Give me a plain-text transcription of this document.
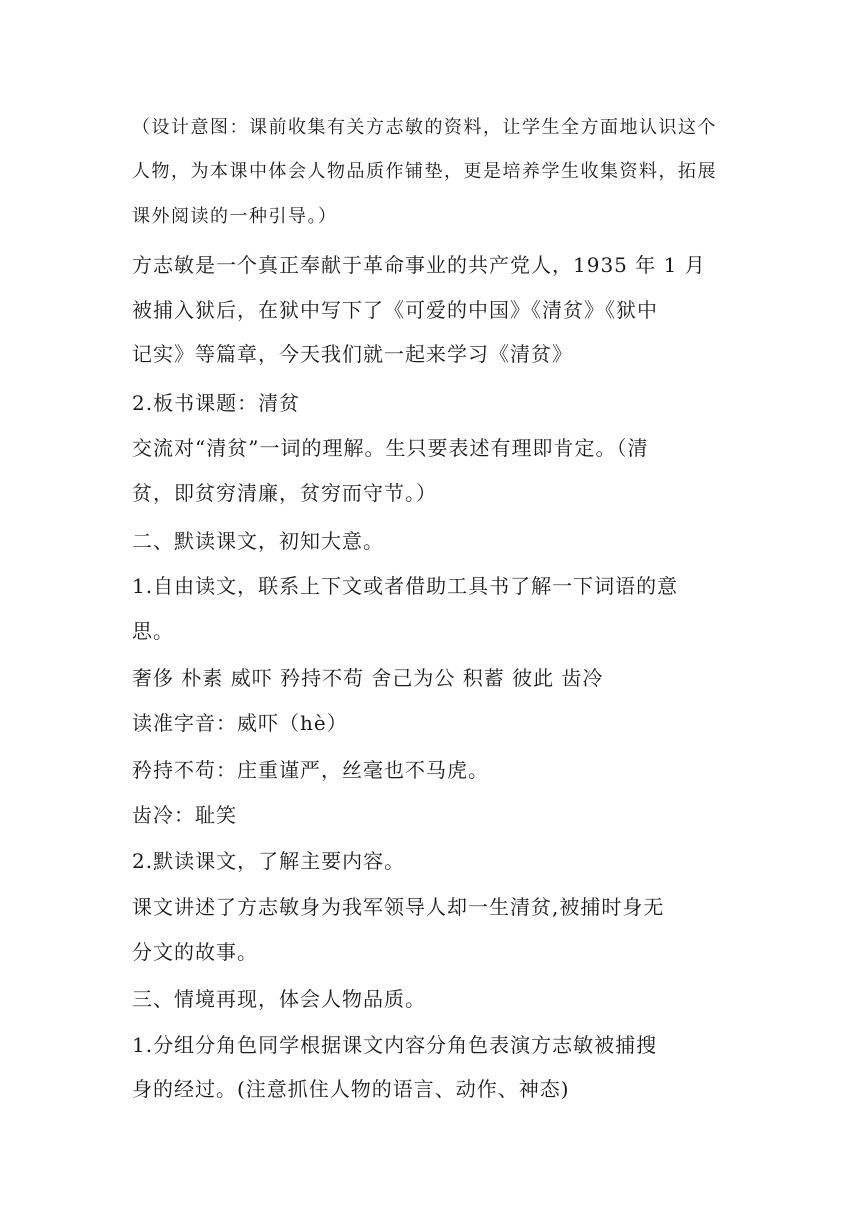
（设计意图：课前收集有关方志敏的资料，让学生全方面地认识这个
人物，为本课中体会人物品质作铺垫，更是培养学生收集资料，拓展
课外阅读的一种引导。）
方志敏是一个真正奉献于革命事业的共产党人，1935 年 1 月
被捕入狱后，在狱中写下了《可爱的中国》《清贫》《狱中
记实》等篇章，今天我们就一起来学习《清贫》
2.板书课题：清贫
交流对“清贫”一词的理解。生只要表述有理即肯定。（清
贫，即贫穷清廉，贫穷而守节。）
二、默读课文，初知大意。
1.自由读文，联系上下文或者借助工具书了解一下词语的意
思。
奢侈 朴素 威吓 矜持不苟 舍己为公 积蓄 彼此 齿冷
读准字音：威吓（hè）
矜持不苟：庄重谨严，丝毫也不马虎。
齿冷：耻笑
2.默读课文，了解主要内容。
课文讲述了方志敏身为我军领导人却一生清贫,被捕时身无
分文的故事。
三、情境再现，体会人物品质。
1.分组分角色同学根据课文内容分角色表演方志敏被捕搜
身的经过。(注意抓住人物的语言、动作、神态)
